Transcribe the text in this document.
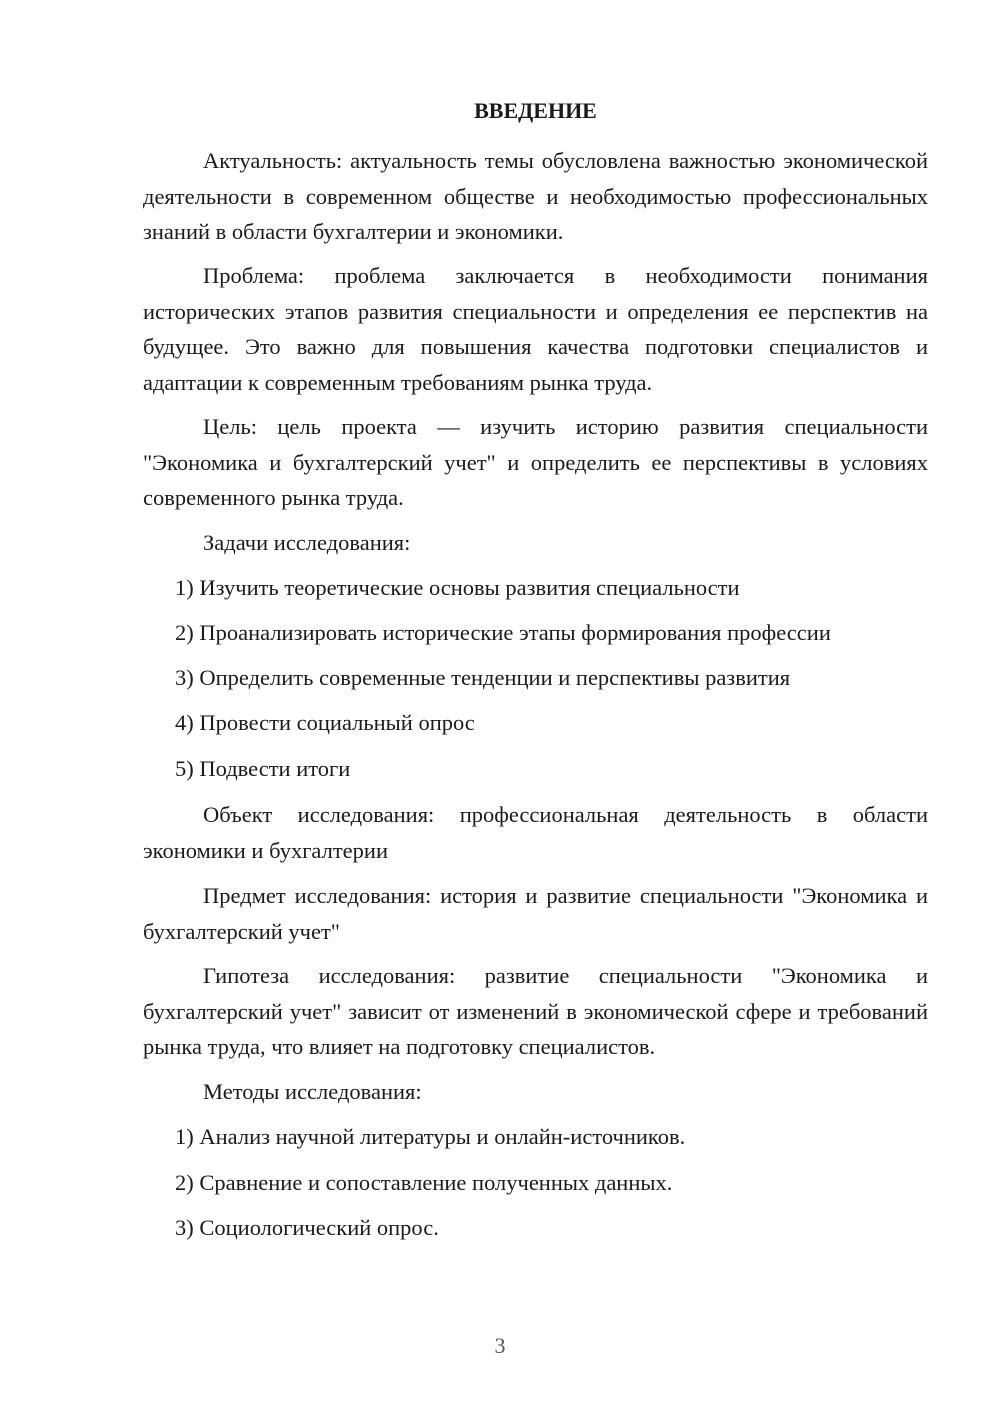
ВВЕДЕНИЕ

Актуальность: актуальность темы обусловлена важностью экономической деятельности в современном обществе и необходимостью профессиональных знаний в области бухгалтерии и экономики.

Проблема: проблема заключается в необходимости понимания исторических этапов развития специальности и определения ее перспектив на будущее. Это важно для повышения качества подготовки специалистов и адаптации к современным требованиям рынка труда.

Цель: цель проекта — изучить историю развития специальности "Экономика и бухгалтерский учет" и определить ее перспективы в условиях современного рынка труда.

Задачи исследования:

1) Изучить теоретические основы развития специальности

2) Проанализировать исторические этапы формирования профессии

3) Определить современные тенденции и перспективы развития

4) Провести социальный опрос

5) Подвести итоги

Объект исследования: профессиональная деятельность в области экономики и бухгалтерии

Предмет исследования: история и развитие специальности "Экономика и бухгалтерский учет"

Гипотеза исследования: развитие специальности "Экономика и бухгалтерский учет" зависит от изменений в экономической сфере и требований рынка труда, что влияет на подготовку специалистов.

Методы исследования:

1) Анализ научной литературы и онлайн-источников.

2) Сравнение и сопоставление полученных данных.

3) Социологический опрос.

3
